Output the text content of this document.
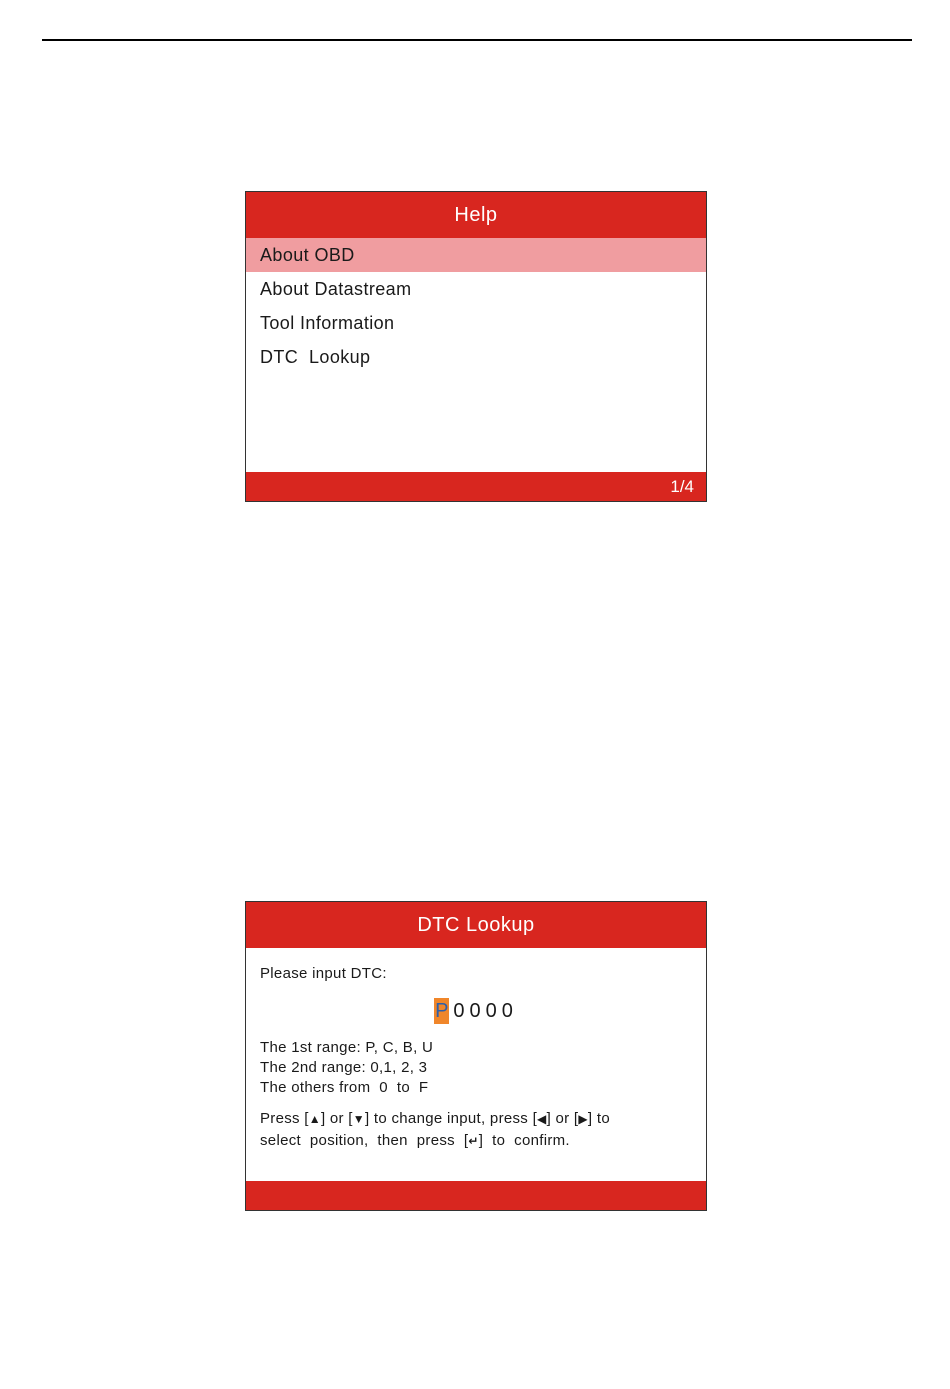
Help
About OBD
About Datastream
Tool Information
DTC  Lookup
1/4
DTC Lookup
Please input DTC:
P 0000
The 1st range: P, C, B, U
The 2nd range: 0,1, 2, 3
The others from  0  to  F
Press [▲] or [▼] to change input, press [◀] or [▶] to
select  position,  then  press  [↵]  to  confirm.
